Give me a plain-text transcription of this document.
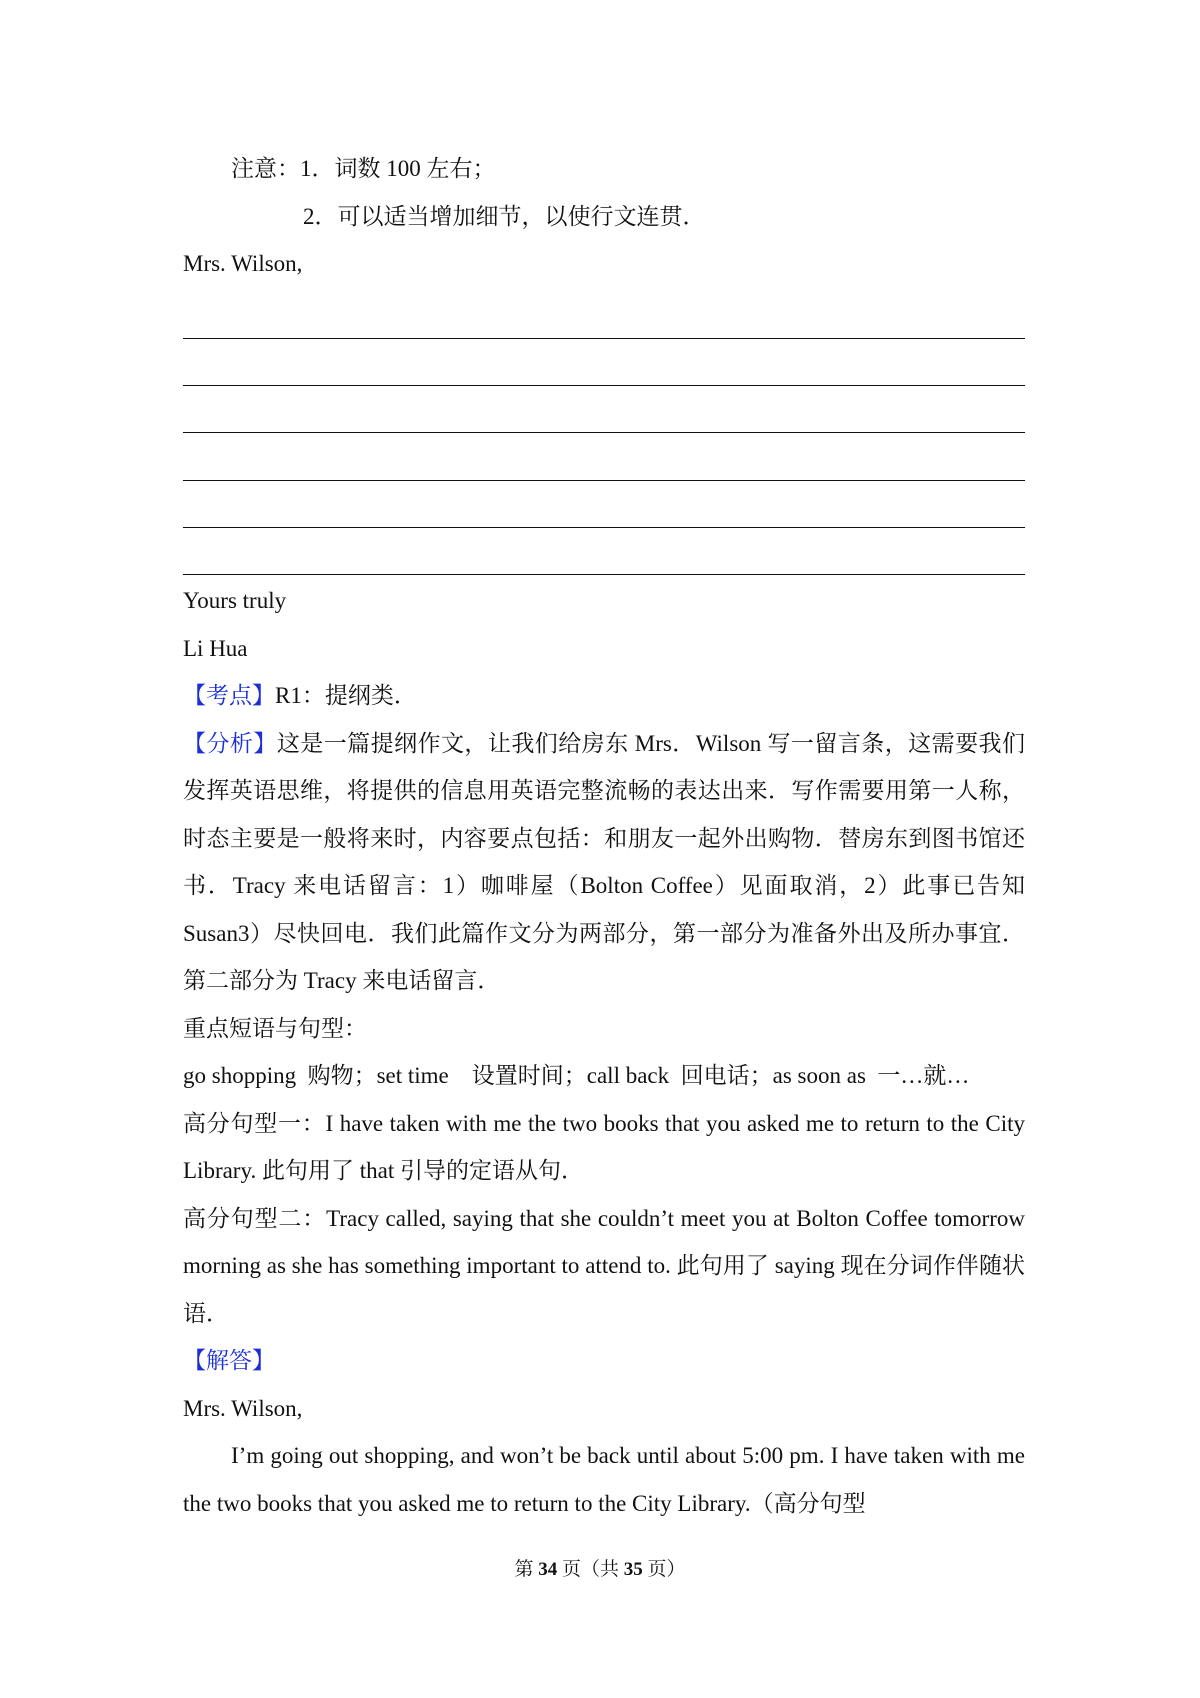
注意：1．词数 100 左右；
2．可以适当增加细节，以使行文连贯．
Mrs. Wilson,
Yours truly
Li Hua
【考点】R1：提纲类．
【分析】这是一篇提纲作文，让我们给房东 Mrs．Wilson 写一留言条，这需要我们发挥英语思维，将提供的信息用英语完整流畅的表达出来．写作需要用第一人称，时态主要是一般将来时，内容要点包括：和朋友一起外出购物．替房东到图书馆还书．Tracy 来电话留言：1）咖啡屋（Bolton Coffee）见面取消，2）此事已告知 Susan3）尽快回电．我们此篇作文分为两部分，第一部分为准备外出及所办事宜．第二部分为 Tracy 来电话留言．
重点短语与句型：
go shopping  购物；set time    设置时间；call back  回电话；as soon as  一…就…
高分句型一：I have taken with me the two books that you asked me to return to the City Library. 此句用了 that 引导的定语从句．
高分句型二：Tracy called, saying that she couldn’t meet you at Bolton Coffee tomorrow morning as she has something important to attend to. 此句用了 saying 现在分词作伴随状语．
【解答】
Mrs. Wilson,
I’m going out shopping, and won’t be back until about 5:00 pm. I have taken with me the two books that you asked me to return to the City Library.（高分句型
第 34 页（共 35 页）
